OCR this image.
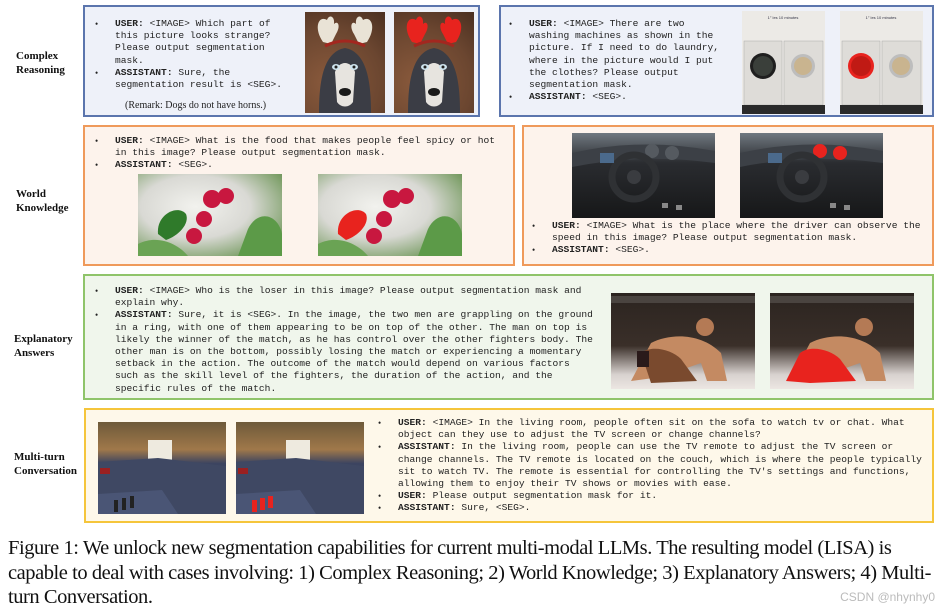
Complex
Reasoning
World
Knowledge
Explanatory
Answers
Multi-turn
Conversation
• USER: <IMAGE> Which part of this picture looks strange? Please output segmentation mask.
• ASSISTANT: Sure, the segmentation result is <SEG>.
(Remark: Dogs do not have horns.)
• USER: <IMAGE> There are two washing machines as shown in the picture. If I need to do laundry, where in the picture would I put the clothes? Please output segmentation mask.
• ASSISTANT: <SEG>.
1° les 10 minutes	1° les 10 minutes
• USER: <IMAGE> What is the food that makes people feel spicy or hot in this image? Please output segmentation mask.
• ASSISTANT: <SEG>.
• USER: <IMAGE> What is the place where the driver can observe the speed in this image? Please output segmentation mask.
• ASSISTANT: <SEG>.
• USER: <IMAGE> Who is the loser in this image? Please output segmentation mask and explain why.
• ASSISTANT: Sure, it is <SEG>. In the image, the two men are grappling on the ground in a ring, with one of them appearing to be on top of the other. The man on top is likely the winner of the match, as he has control over the other fighters body. The other man is on the bottom, possibly losing the match or experiencing a momentary setback in the action. The outcome of the match would depend on various factors such as the skill level of the fighters, the duration of the action, and the specific rules of the match.
• USER: <IMAGE> In the living room, people often sit on the sofa to watch tv or chat. What object can they use to adjust the TV screen or change channels?
• ASSISTANT: In the living room, people can use the TV remote to adjust the TV screen or change channels. The TV remote is located on the couch, which is where the people typically sit to watch TV. The remote is essential for controlling the TV's settings and functions, allowing them to enjoy their TV shows or movies with ease.
• USER: Please output segmentation mask for it.
• ASSISTANT: Sure, <SEG>.
Figure 1: We unlock new segmentation capabilities for current multi-modal LLMs. The resulting model (LISA) is capable to deal with cases involving: 1) Complex Reasoning; 2) World Knowledge; 3) Explanatory Answers; 4) Multi-turn Conversation.	CSDN @nhynhy0
